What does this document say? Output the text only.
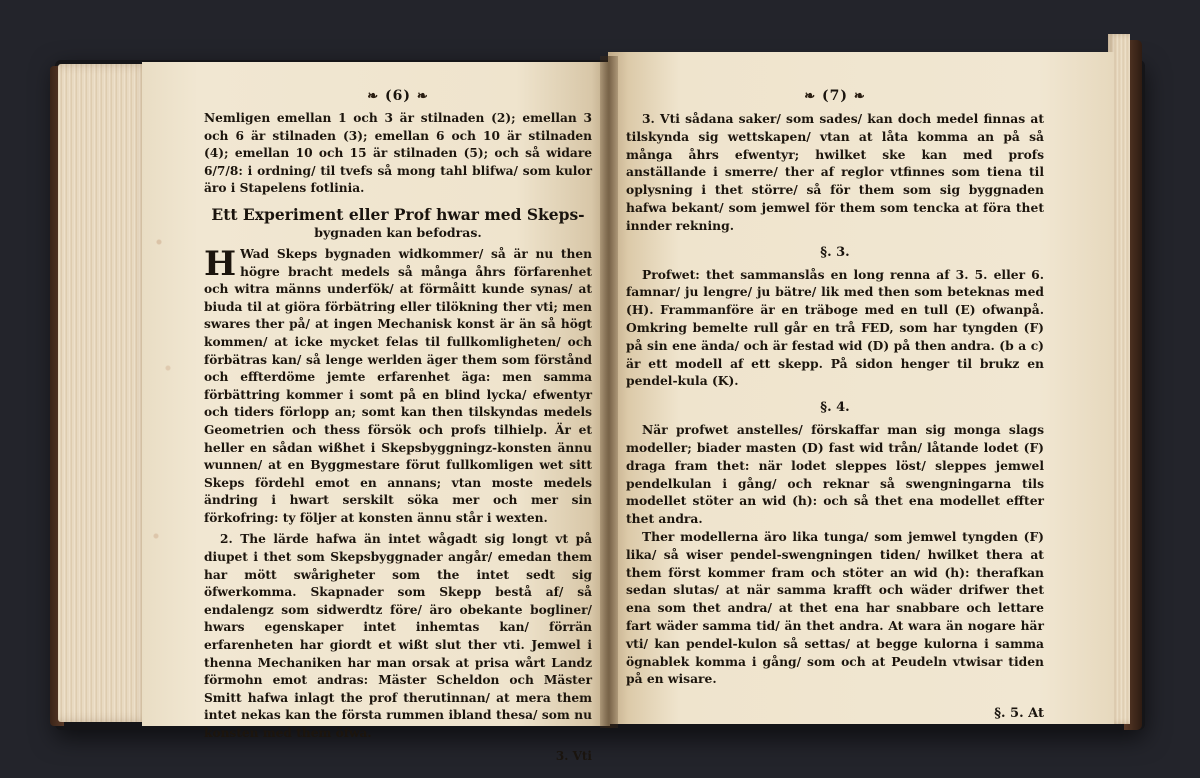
❧ (6) ❧

Nemligen emellan 1 och 3 är stilnaden (2); emellan 3 och 6 är stilnaden (3); emellan 6 och 10 är stilnaden (4); emellan 10 och 15 är stilnaden (5); och så widare 6/7/8: i ordning/ til tvefs så mong tahl blifwa/ som kulor äro i Stapelens fotlinia.

Ett Experiment eller Prof hwar med Skeps-
bygnaden kan befodras.

H Wad Skeps bygnaden widkommer/ så är nu then högre bracht medels så många åhrs förfarenhet och witra männs underfök/ at förmåitt kunde synas/ at biuda til at giöra förbätring eller tilökning ther vti; men swares ther på/ at ingen Mechanisk konst är än så högt kommen/ at icke mycket felas til fullkomligheten/ och förbätras kan/ så lenge werlden äger them som förstånd och effterdöme jemte erfarenhet äga: men samma förbättring kommer i somt på en blind lycka/ efwentyr och tiders förlopp an; somt kan then tilskyndas medels Geometrien och thess försök och profs tilhielp. Är et heller en sådan wißhet i Skepsbyggningz-konsten ännu wunnen/ at en Byggmestare förut fullkomligen wet sitt Skeps fördehl emot en annans; vtan moste medels ändring i hwart serskilt söka mer och mer sin förkofring: ty följer at konsten ännu står i wexten.

2. The lärde hafwa än intet wågadt sig longt vt på diupet i thet som Skepsbyggnader angår/ emedan them har mött swårigheter som the intet sedt sig öfwerkomma. Skapnader som Skepp bestå af/ så endalengz som sidwerdtz före/ äro obekante bogliner/ hwars egenskaper intet inhemtas kan/ förrän erfarenheten har giordt et wißt slut ther vti. Jemwel i thenna Mechaniken har man orsak at prisa wårt Landz förmohn emot andras: Mäster Scheldon och Mäster Smitt hafwa inlagt the prof therutinnan/ at mera them intet nekas kan the första rummen ibland thesa/ som nu konsten med them öfwa.

3. Vti
❧ (7) ❧

3. Vti sådana saker/ som sades/ kan doch medel finnas at tilskynda sig wettskapen/ vtan at låta komma an på så många åhrs efwentyr; hwilket ske kan med profs anställande i smerre/ ther af reglor vtfinnes som tiena til oplysning i thet större/ så för them som sig byggnaden hafwa bekant/ som jemwel för them som tencka at föra thet innder rekning.

§. 3.

Profwet: thet sammanslås en long renna af 3. 5. eller 6. famnar/ ju lengre/ ju bätre/ lik med then som beteknas med (H). Frammanföre är en träboge med en tull (E) ofwanpå. Omkring bemelte rull går en trå FED, som har tyngden (F) på sin ene ända/ och är festad wid (D) på then andra. (b a c) är ett modell af ett skepp. På sidon henger til brukz en pendel-kula (K).

§. 4.

När profwet anstelles/ förskaffar man sig monga slags modeller; biader masten (D) fast wid trån/ låtande lodet (F) draga fram thet: när lodet sleppes löst/ sleppes jemwel pendelkulan i gång/ och reknar så swengningarna tils modellet stöter an wid (h): och så thet ena modellet effter thet andra.

Ther modellerna äro lika tunga/ som jemwel tyngden (F) lika/ så wiser pendel-swengningen tiden/ hwilket thera at them först kommer fram och stöter an wid (h): therafkan sedan slutas/ at när samma krafft och wäder drifwer thet ena som thet andra/ at thet ena har snabbare och lettare fart wäder samma tid/ än thet andra. At wara än nogare här vti/ kan pendel-kulon så settas/ at begge kulorna i samma ögnablek komma i gång/ som och at Peudeln vtwisar tiden på en wisare.

§. 5. At
